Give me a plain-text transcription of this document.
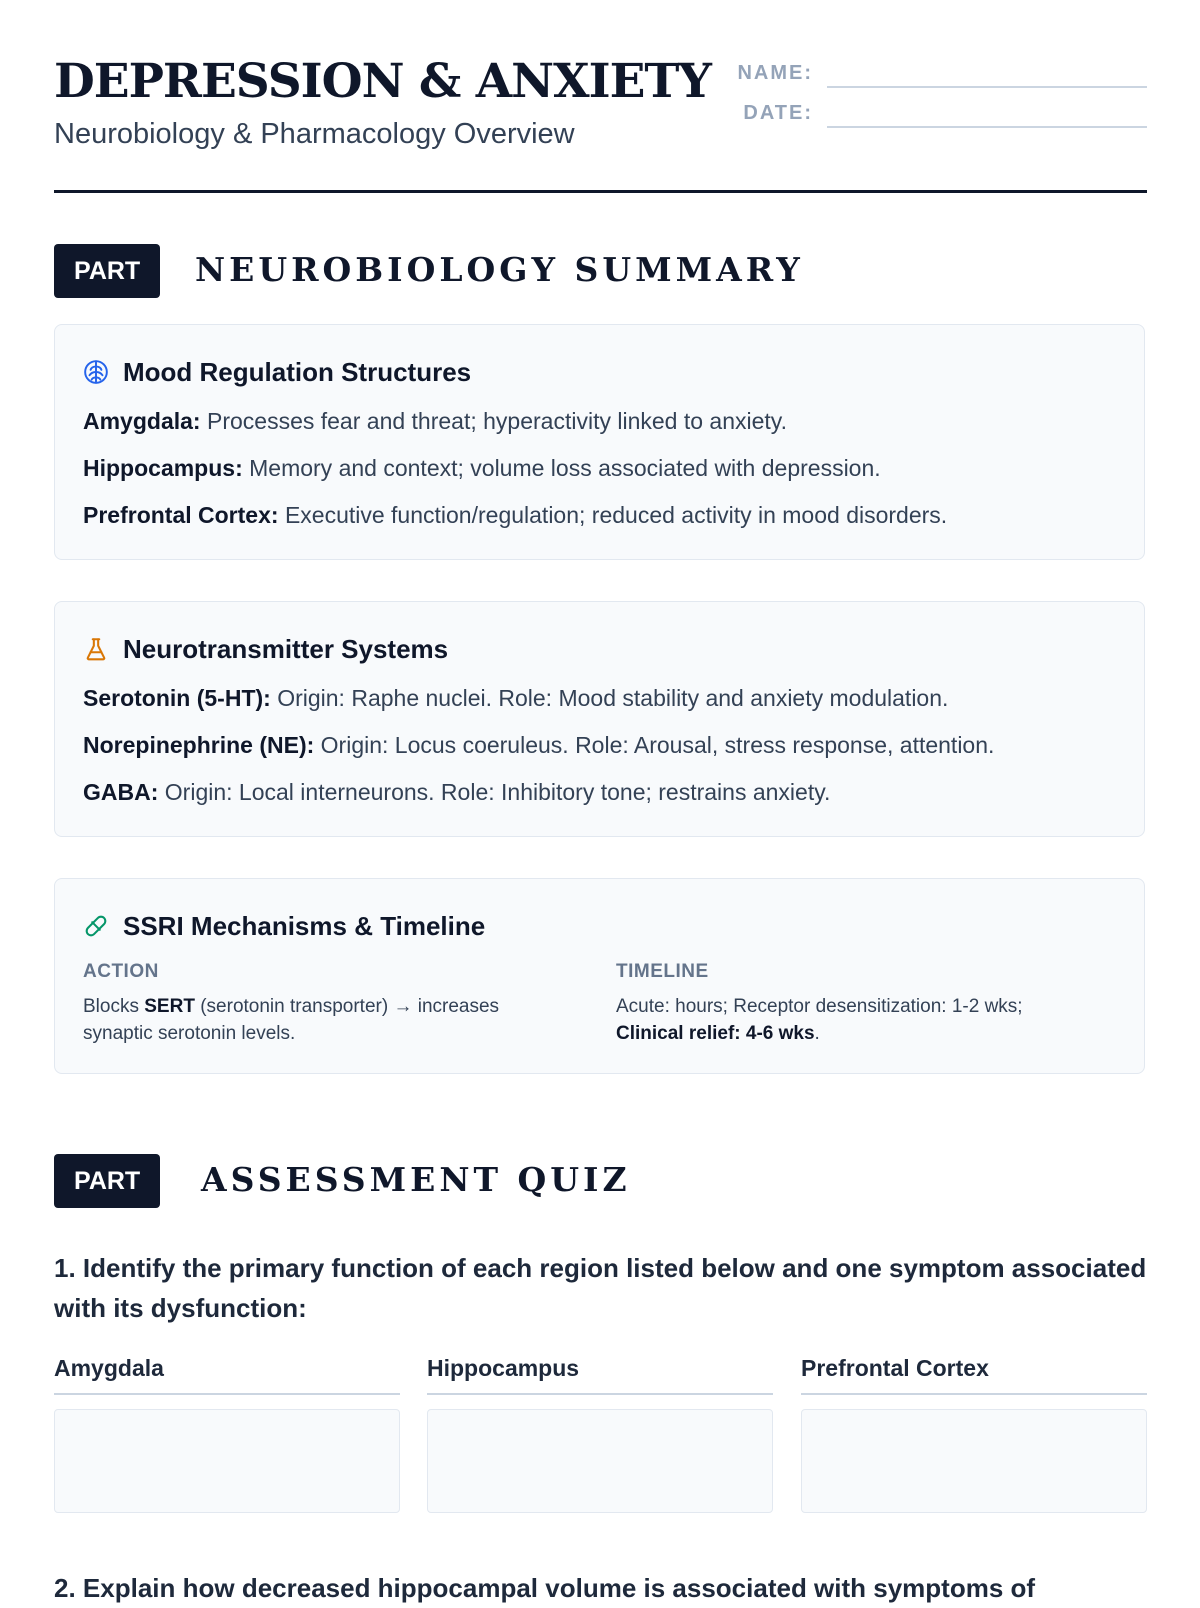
DEPRESSION & ANXIETY

Neurobiology & Pharmacology Overview

NAME:
DATE:
PART	NEUROBIOLOGY SUMMARY
Mood Regulation Structures

Amygdala: Processes fear and threat; hyperactivity linked to anxiety.

Hippocampus: Memory and context; volume loss associated with depression.

Prefrontal Cortex: Executive function/regulation; reduced activity in mood disorders.

Neurotransmitter Systems

Serotonin (5-HT): Origin: Raphe nuclei. Role: Mood stability and anxiety modulation.

Norepinephrine (NE): Origin: Locus coeruleus. Role: Arousal, stress response, attention.

GABA: Origin: Local interneurons. Role: Inhibitory tone; restrains anxiety.

SSRI Mechanisms & Timeline

ACTION

Blocks SERT (serotonin transporter) → increases synaptic serotonin levels.

TIMELINE

Acute: hours; Receptor desensitization: 1-2 wks;
Clinical relief: 4-6 wks.

PART 2
ASSESSMENT QUIZ

1. Identify the primary function of each region listed below and one symptom associated with its dysfunction:

Amygdala	Hippocampus	Prefrontal Cortex

2. Explain how decreased hippocampal volume is associated with symptoms of
